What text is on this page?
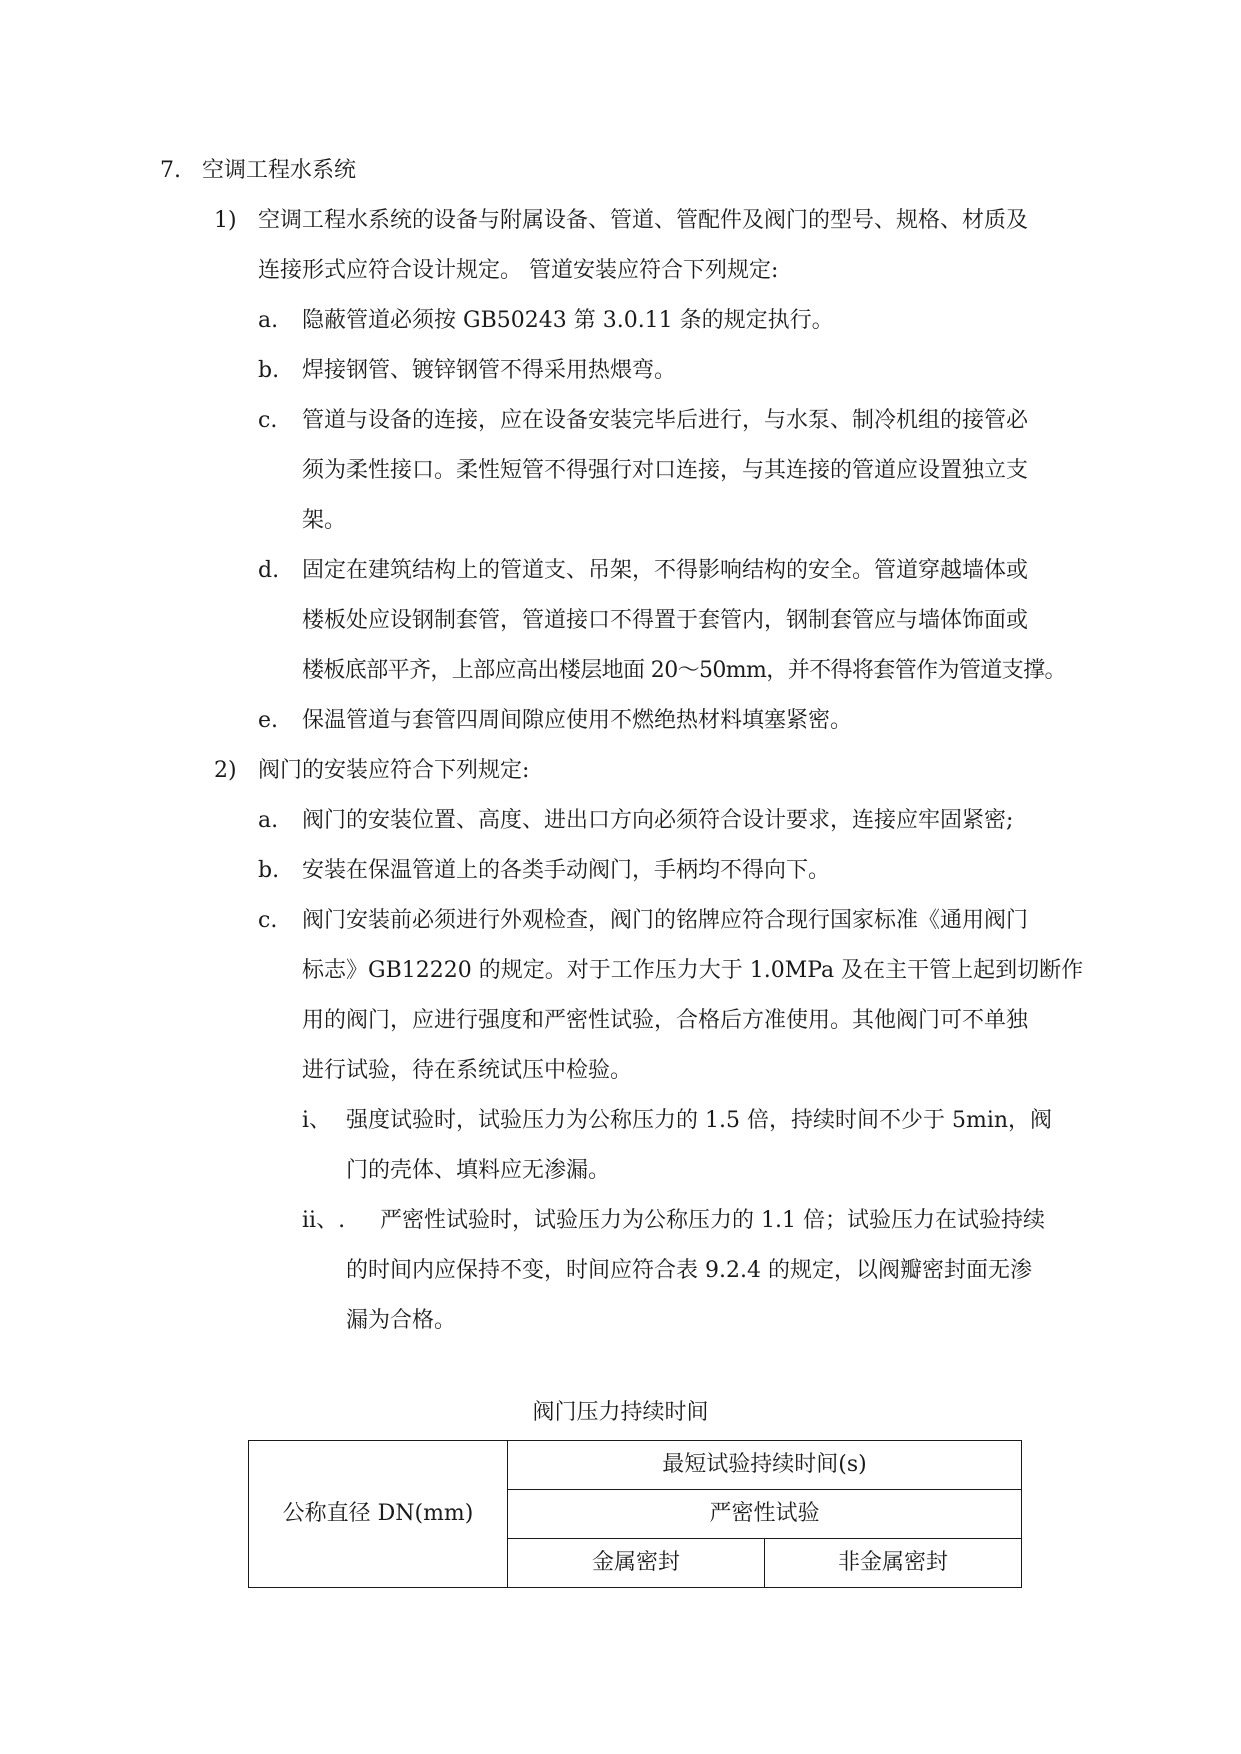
7. 空调工程水系统
1) 空调工程水系统的设备与附属设备、管道、管配件及阀门的型号、规格、材质及

连接形式应符合设计规定。 管道安装应符合下列规定:

a. 隐蔽管道必须按 GB50243 第 3.0.11 条的规定执行。

b. 焊接钢管、镀锌钢管不得采用热煨弯。

c. 管道与设备的连接，应在设备安装完毕后进行，与水泵、制冷机组的接管必

须为柔性接口。柔性短管不得强行对口连接，与其连接的管道应设置独立支

架。

d. 固定在建筑结构上的管道支、吊架，不得影响结构的安全。管道穿越墙体或

楼板处应设钢制套管，管道接口不得置于套管内，钢制套管应与墙体饰面或

楼板底部平齐，上部应高出楼层地面 20～50mm，并不得将套管作为管道支撑。

e. 保温管道与套管四周间隙应使用不燃绝热材料填塞紧密。

2) 阀门的安装应符合下列规定:

a. 阀门的安装位置、高度、进出口方向必须符合设计要求，连接应牢固紧密;

b. 安装在保温管道上的各类手动阀门，手柄均不得向下。

c. 阀门安装前必须进行外观检查，阀门的铭牌应符合现行国家标准《通用阀门

标志》GB12220 的规定。对于工作压力大于 1.0MPa 及在主干管上起到切断作

用的阀门，应进行强度和严密性试验，合格后方准使用。其他阀门可不单独

进行试验，待在系统试压中检验。

i、 强度试验时，试验压力为公称压力的 1.5 倍，持续时间不少于 5min，阀

门的壳体、填料应无渗漏。

ii、. 严密性试验时，试验压力为公称压力的 1.1 倍；试验压力在试验持续

的时间内应保持不变，时间应符合表 9.2.4 的规定，以阀瓣密封面无渗

漏为合格。

阀门压力持续时间
公称直径 DN(mm)	最短试验持续时间(s)	
	严密性试验	
	金属密封	非金属密封
